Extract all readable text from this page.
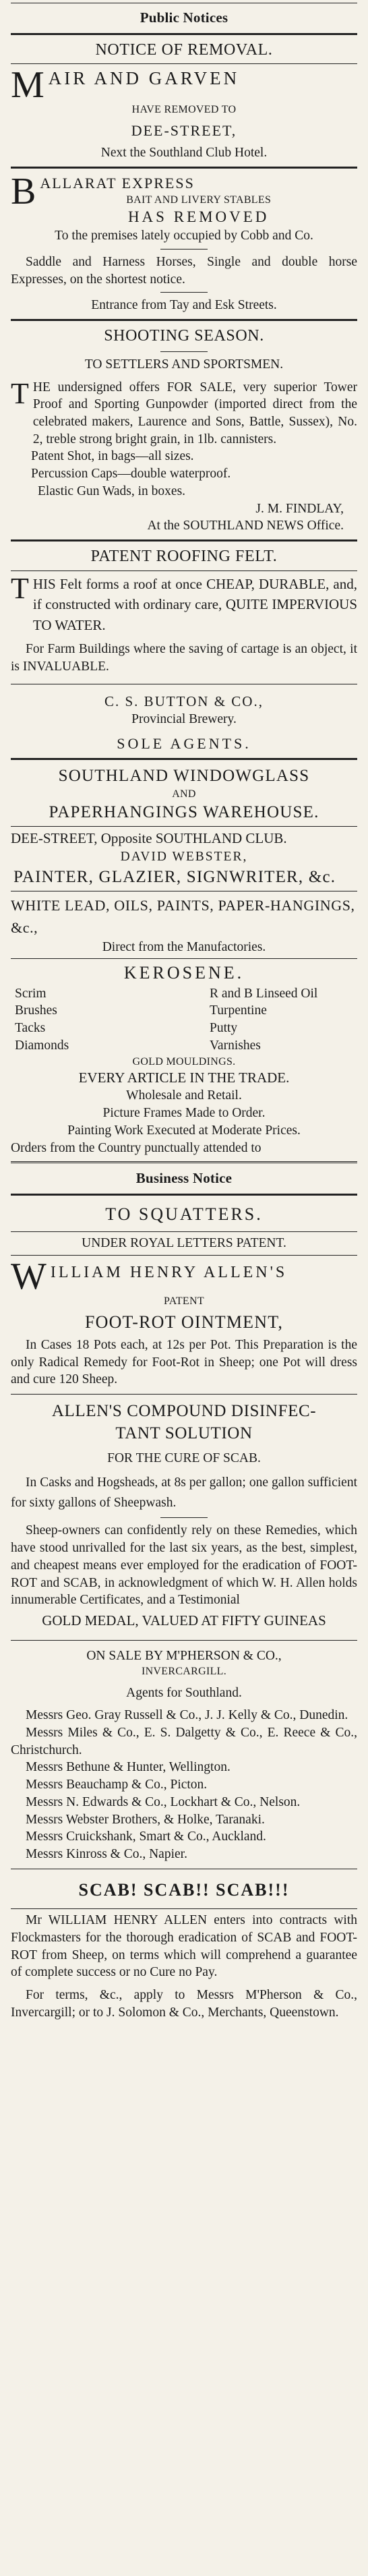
Public Notices
NOTICE OF REMOVAL.
M AIR AND GARVEN
HAVE REMOVED TO
DEE-STREET,
Next the Southland Club Hotel.
B ALLARAT EXPRESS
BAIT AND LIVERY STABLES
HAS REMOVED
To the premises lately occupied by Cobb and Co.

Saddle and Harness Horses, Single and double horse Expresses, on the shortest notice.

Entrance from Tay and Esk Streets.
SHOOTING SEASON.
TO SETTLERS AND SPORTSMEN.
T HE undersigned offers FOR SALE, very superior Tower Proof and Sporting Gunpowder (imported direct from the celebrated makers, Laurence and Sons, Battle, Sussex), No. 2, treble strong bright grain, in 1lb. cannisters.

Patent Shot, in bags—all sizes.
Percussion Caps—double waterproof.
Elastic Gun Wads, in boxes.
J. M. FINDLAY,
At the SOUTHLAND NEWS Office.
PATENT ROOFING FELT.
T HIS Felt forms a roof at once CHEAP, DURABLE, and, if constructed with ordinary care, QUITE IMPERVIOUS TO WATER.

For Farm Buildings where the saving of cartage is an object, it is INVALUABLE.

C. S. BUTTON & CO.,
Provincial Brewery.
SOLE AGENTS.
SOUTHLAND WINDOWGLASS
AND
PAPERHANGINGS WAREHOUSE.
DEE-STREET, Opposite SOUTHLAND CLUB.
DAVID WEBSTER,
PAINTER, GLAZIER, SIGNWRITER, &c.
WHITE LEAD, OILS, PAINTS, PAPER-HANGINGS, &c.,
Direct from the Manufactories.
KEROSENE.
Scrim	R and B Linseed Oil
Brushes	Turpentine
Tacks	Putty
Diamonds	Varnishes
GOLD MOULDINGS.
EVERY ARTICLE IN THE TRADE.
Wholesale and Retail.
Picture Frames Made to Order.
Painting Work Executed at Moderate Prices.
Orders from the Country punctually attended to
Business Notice
TO SQUATTERS.
UNDER ROYAL LETTERS PATENT.
W ILLIAM HENRY ALLEN'S
PATENT
FOOT-ROT OINTMENT,

In Cases 18 Pots each, at 12s per Pot. This Preparation is the only Radical Remedy for Foot-Rot in Sheep; one Pot will dress and cure 120 Sheep.

ALLEN'S COMPOUND DISINFEC-
TANT SOLUTION
FOR THE CURE OF SCAB.

In Casks and Hogsheads, at 8s per gallon; one gallon sufficient for sixty gallons of Sheepwash.

Sheep-owners can confidently rely on these Remedies, which have stood unrivalled for the last six years, as the best, simplest, and cheapest means ever employed for the eradication of FOOT-ROT and SCAB, in acknowledgment of which W. H. Allen holds innumerable Certificates, and a Testimonial

GOLD MEDAL, VALUED AT FIFTY GUINEAS
ON SALE BY M'PHERSON & CO.,
INVERCARGILL.
Agents for Southland.

Messrs Geo. Gray Russell & Co., J. J. Kelly & Co., Dunedin.

Messrs Miles & Co., E. S. Dalgetty & Co., E. Reece & Co., Christchurch.

Messrs Bethune & Hunter, Wellington.

Messrs Beauchamp & Co., Picton.

Messrs N. Edwards & Co., Lockhart & Co., Nelson.

Messrs Webster Brothers, & Holke, Taranaki.

Messrs Cruickshank, Smart & Co., Auckland.

Messrs Kinross & Co., Napier.

SCAB! SCAB!! SCAB!!!

Mr WILLIAM HENRY ALLEN enters into contracts with Flockmasters for the thorough eradication of SCAB and FOOT-ROT from Sheep, on terms which will comprehend a guarantee of complete success or no Cure no Pay.

For terms, &c., apply to Messrs M'Pherson & Co., Invercargill; or to J. Solomon & Co., Merchants, Queenstown.
